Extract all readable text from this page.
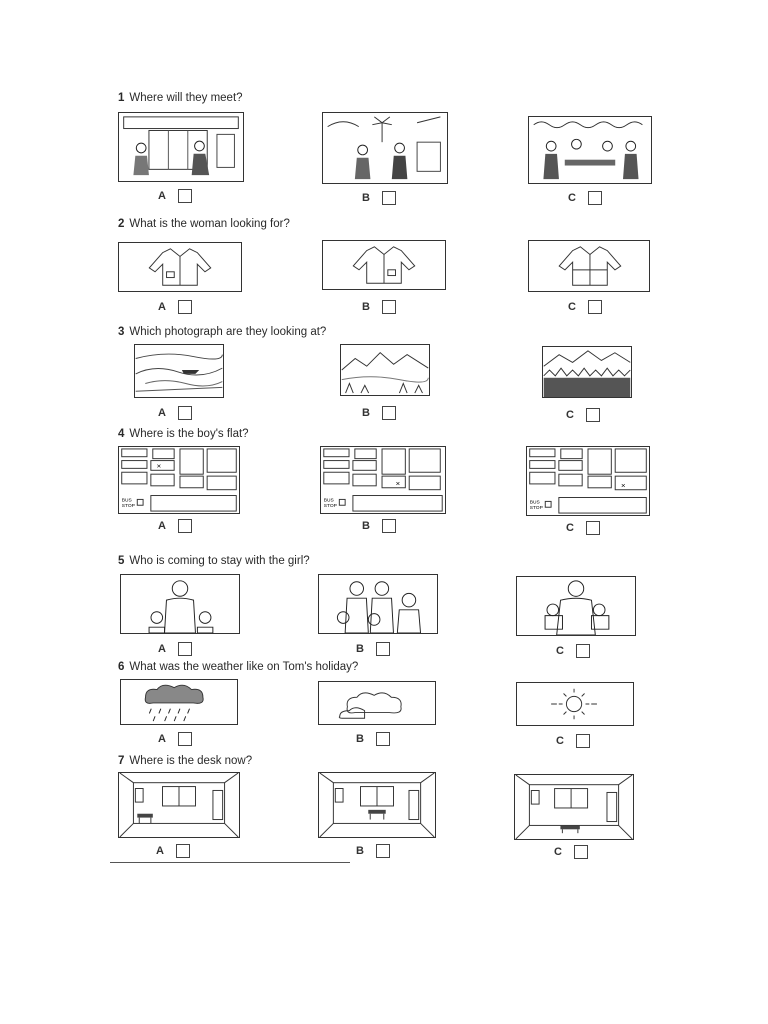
1 Where will they meet?
A	B	C
2 What is the woman looking for?
A	B	C
3 Which photograph are they looking at?
A	B	C
4 Where is the boy's flat?
×
BUS
STOP
A
×
BUS
STOP
B
×
BUS
STOP
C
5 Who is coming to stay with the girl?
A	B	C
6 What was the weather like on Tom's holiday?
A	B	C
7 Where is the desk now?
A	B	C
